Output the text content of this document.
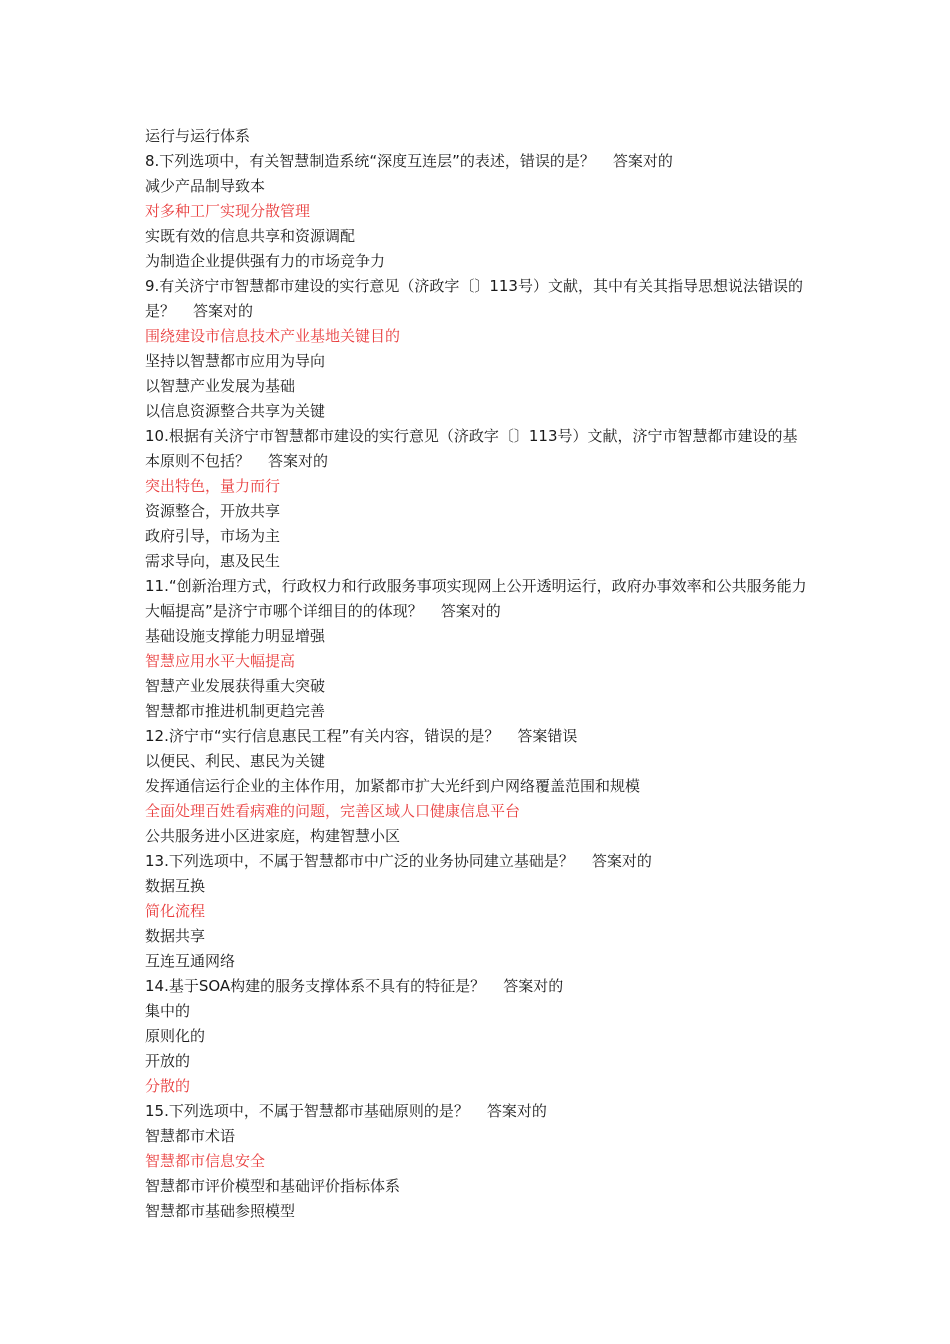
运行与运行体系
8.下列选项中，有关智慧制造系统“深度互连层”的表述，错误的是？ 答案对的
减少产品制导致本
对多种工厂实现分散管理
实既有效的信息共享和资源调配
为制造企业提供强有力的市场竞争力
9.有关济宁市智慧都市建设的实行意见（济政字〔〕113号）文献，其中有关其指导思想说法错误的是？ 答案对的
围绕建设市信息技术产业基地关键目的
坚持以智慧都市应用为导向
以智慧产业发展为基础
以信息资源整合共享为关键
10.根据有关济宁市智慧都市建设的实行意见（济政字〔〕113号）文献，济宁市智慧都市建设的基本原则不包括？ 答案对的
突出特色，量力而行
资源整合，开放共享
政府引导，市场为主
需求导向，惠及民生
11.“创新治理方式，行政权力和行政服务事项实现网上公开透明运行，政府办事效率和公共服务能力大幅提高”是济宁市哪个详细目的的体现？ 答案对的
基础设施支撑能力明显增强
智慧应用水平大幅提高
智慧产业发展获得重大突破
智慧都市推进机制更趋完善
12.济宁市“实行信息惠民工程”有关内容，错误的是？ 答案错误
以便民、利民、惠民为关键
发挥通信运行企业的主体作用，加紧都市扩大光纤到户网络覆盖范围和规模
全面处理百姓看病难的问题，完善区域人口健康信息平台
公共服务进小区进家庭，构建智慧小区
13.下列选项中，不属于智慧都市中广泛的业务协同建立基础是？ 答案对的
数据互换
简化流程
数据共享
互连互通网络
14.基于SOA构建的服务支撑体系不具有的特征是？ 答案对的
集中的
原则化的
开放的
分散的
15.下列选项中，不属于智慧都市基础原则的是？ 答案对的
智慧都市术语
智慧都市信息安全
智慧都市评价模型和基础评价指标体系
智慧都市基础参照模型
